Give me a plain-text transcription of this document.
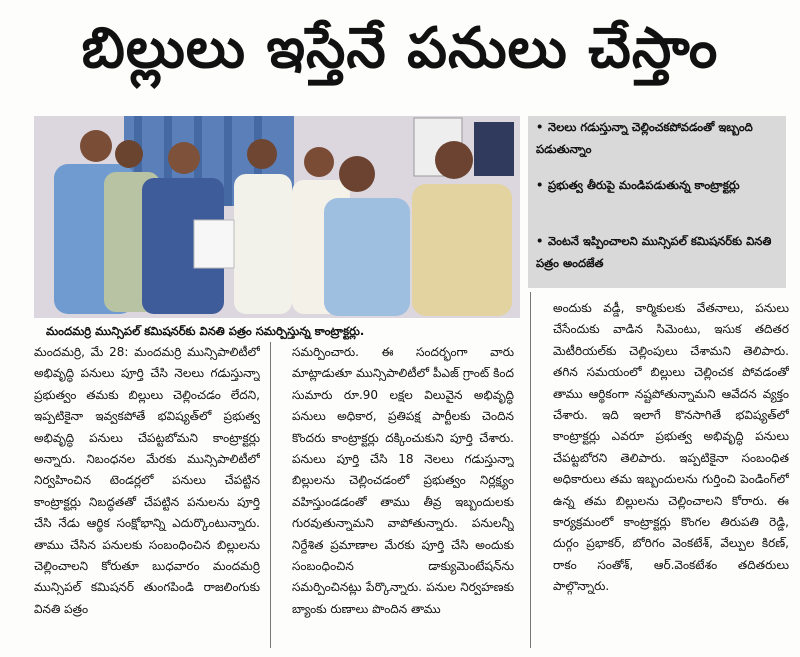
బిల్లులు ఇస్తేనే పనులు చేస్తాం
మందమర్రి మున్సిపల్ కమిషనర్‌కు వినతి పత్రం సమర్పిస్తున్న కాంట్రాక్టర్లు.
• నెలలు గడుస్తున్నా చెల్లించకపోవడంతో ఇబ్బంది పడుతున్నాం
• ప్రభుత్వ తీరుపై మండిపడుతున్న కాంట్రాక్టర్లు
• వెంటనే ఇప్పించాలని మున్సిపల్ కమిషనర్‌కు వినతి పత్రం అందజేత

మందమర్రి, మే 28: మందమర్రి మున్సిపాలిటీలో అభివృద్ధి పనులు పూర్తి చేసి నెలలు గడుస్తున్నా ప్రభుత్వం తమకు బిల్లులు చెల్లించడం లేదని, ఇప్పటికైనా ఇవ్వకపోతే భవిష్యత్‌లో ప్రభుత్వ అభివృద్ధి పనులు చేపట్టబోమని కాంట్రాక్టర్లు అన్నారు. నిబంధనల మేరకు మున్సిపాలిటీలో నిర్వహించిన టెండర్లలో పనులు చేపట్టిన కాంట్రాక్టర్లు నిబద్ధతతో చేపట్టిన పనులను పూర్తి చేసి నేడు ఆర్థిక సంక్షోభాన్ని ఎదుర్కొంటున్నారు. తాము చేసిన పనులకు సంబంధించిన బిల్లులను చెల్లించాలని కోరుతూ బుధవారం మందమర్రి మున్సిపల్ కమిషనర్ తుంగపిండి రాజలింగుకు వినతి పత్రం

సమర్పించారు. ఈ సందర్భంగా వారు మాట్లాడుతూ మున్సిపాలిటీలో పీఎజ్ గ్రాంట్ కింద సుమారు రూ.90 లక్షల విలువైన అభివృద్ధి పనులు అధికార, ప్రతిపక్ష పార్టీలకు చెందిన కొందరు కాంట్రాక్టర్లు దక్కించుకుని పూర్తి చేశారు. పనులు పూర్తి చేసి 18 నెలలు గడుస్తున్నా బిల్లులను చెల్లించడంలో ప్రభుత్వం నిర్లక్ష్యం వహిస్తుండడంతో తాము తీవ్ర ఇబ్బందులకు గురవుతున్నామని వాపోతున్నారు. పనులన్నీ నిర్దేశిత ప్రమాణాల మేరకు పూర్తి చేసి అందుకు సంబంధించిన డాక్యుమెంటేషన్‌ను సమర్పించినట్లు పేర్కొన్నారు. పనుల నిర్వహణకు బ్యాంకు రుణాలు పొందిన తాము

అందుకు వడ్డీ, కార్మికులకు వేతనాలు, పనులు చేసేందుకు వాడిన సిమెంటు, ఇసుక తదితర మెటీరియల్‌కు చెల్లింపులు చేశామని తెలిపారు. తగిన సమయంలో బిల్లులు చెల్లించక పోవడంతో తాము ఆర్థికంగా నష్టపోతున్నామని ఆవేదన వ్యక్తం చేశారు. ఇది ఇలాగే కొనసాగితే భవిష్యత్‌లో కాంట్రాక్టర్లు ఎవరూ ప్రభుత్వ అభివృద్ధి పనులు చేపట్టబోరని తెలిపారు. ఇప్పటికైనా సంబంధిత అధికారులు తమ ఇబ్బందులను గుర్తించి పెండింగ్‌లో ఉన్న తమ బిల్లులను చెల్లించాలని కోరారు. ఈ కార్యక్రమంలో కాంట్రాక్టర్లు కొంగల తిరుపతి రెడ్డి, దుర్గం ప్రభాకర్, బోరిగం వెంకటేశ్, వేల్పుల కిరణ్, రాకం సంతోశ్, ఆర్.వెంకటేశం తదితరులు పాల్గొన్నారు.
